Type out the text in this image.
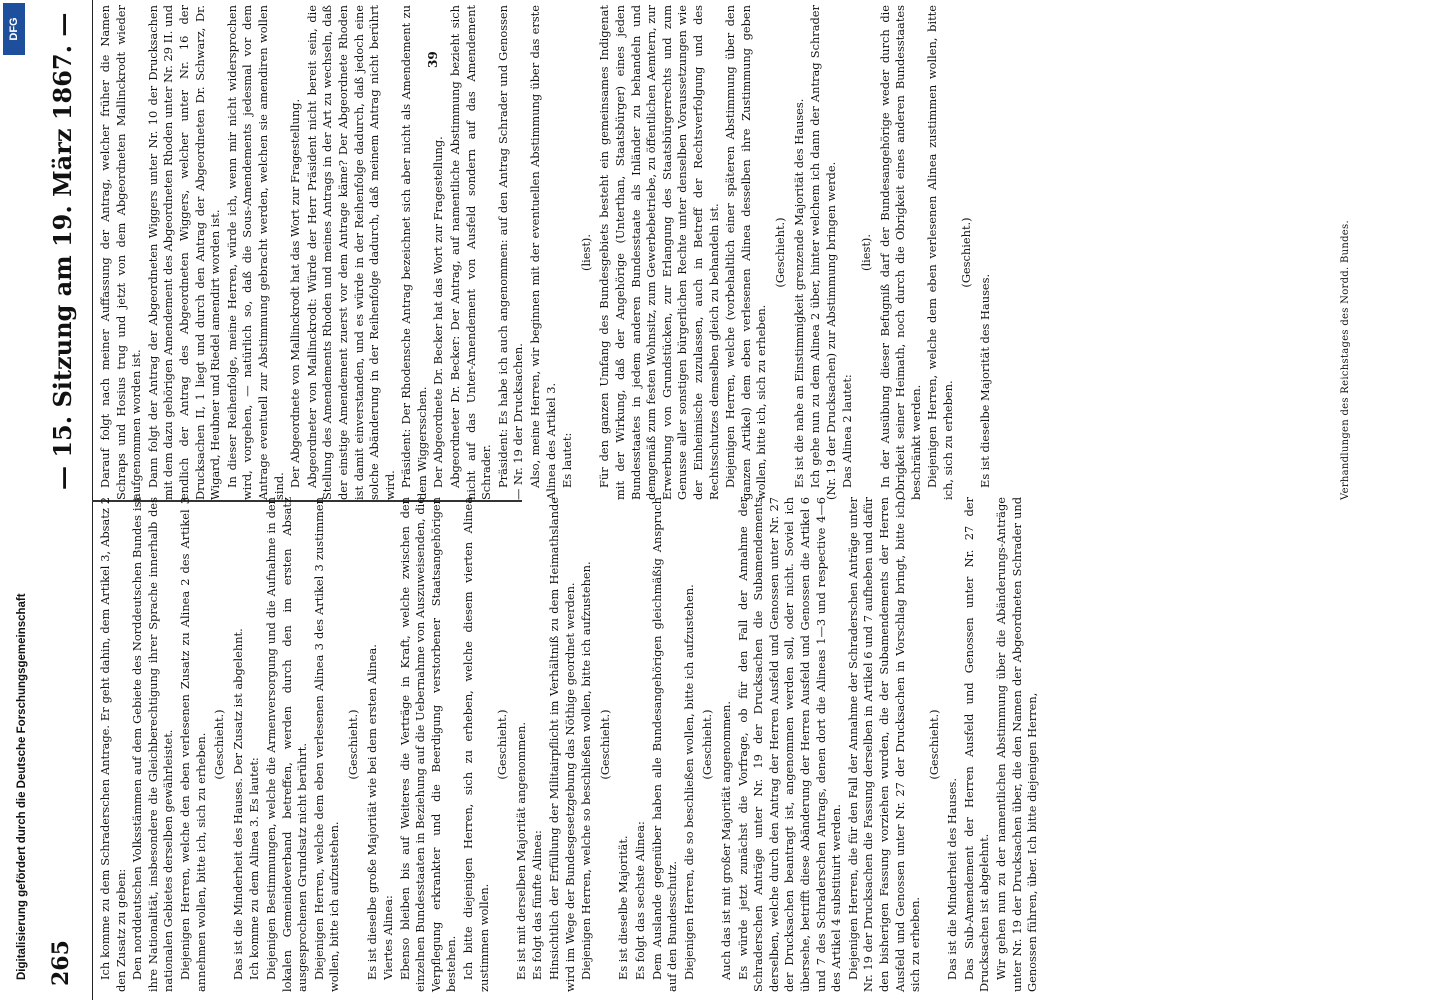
Digitalisierung gefördert durch die Deutsche Forschungsgemeinschaft
DFG
265
— 15. Sitzung am 19. März 1867. —

Ich komme zu dem Schraderschen Antrage. Er geht dahin, dem Artikel 3, Absatz 2 den Zusatz zu geben: Den norddeutschen Volksstämmen auf dem Gebiete des Norddeutschen Bundes ist ihre Nationalität, insbesondere die Gleichberechtigung ihrer Sprache innerhalb des nationalen Gebietes derselben gewährleistet. Diejenigen Herren, welche den eben verlesenen Zusatz zu Alinea 2 des Artikel 3 annehmen wollen, bitte ich, sich zu erheben. (Geschieht.) Das ist die Minderheit des Hauses. Der Zusatz ist abgelehnt. Ich komme zu dem Alinea 3. Es lautet: Diejenigen Bestimmungen, welche die Armenversorgung und die Aufnahme in den lokalen Gemeindeverband betreffen, werden durch den im ersten Absatz ausgesprochenen Grundsatz nicht berührt. Diejenigen Herren, welche dem eben verlesenen Alinea 3 des Artikel 3 zustimmen wollen, bitte ich aufzustehen.

(Geschieht.) Es ist dieselbe große Majorität wie bei dem ersten Alinea. Viertes Alinea: Ebenso bleiben bis auf Weiteres die Verträge in Kraft, welche zwischen den einzelnen Bundesstaaten in Beziehung auf die Uebernahme von Auszuweisenden, die Verpflegung erkrankter und die Beerdigung verstorbener Staatsangehörigen bestehen. Ich bitte diejenigen Herren, sich zu erheben, welche diesem vierten Alinea zustimmen wollen.

(Geschieht.) Es ist mit derselben Majorität angenommen. Es folgt das fünfte Alinea: Hinsichtlich der Erfüllung der Militairpflicht im Verhältniß zu dem Heimathslande wird im Wege der Bundesgesetzgebung das Nöthige geordnet werden. Diejenigen Herren, welche so beschließen wollen, bitte ich aufzustehen. (Geschieht.)

Es ist dieselbe Majorität. Es folgt das sechste Alinea: Dem Auslande gegenüber haben alle Bundesangehörigen gleichmäßig Anspruch auf den Bundesschutz. Diejenigen Herren, die so beschließen wollen, bitte ich aufzustehen. (Geschieht.) Auch das ist mit großer Majorität angenommen. Es würde jetzt zunächst die Vorfrage, ob für den Fall der Annahme der Schraderschen Anträge unter Nr. 19 der Drucksachen die Subamendements derselben, welche durch den Antrag der Herren Ausfeld und Genossen unter Nr. 27 der Drucksachen beantragt ist, angenommen werden soll, oder nicht. Soviel ich übersehe, betrifft diese Abänderung der Herren Ausfeld und Genossen die Artikel 6 und 7 des Schraderschen Antrags, denen dort die Alineas 1—3 und respective 4—6 des Artikel 4 substituirt werden. Diejenigen Herren, die für den Fall der Annahme der Schraderschen Anträge unter Nr. 19 der Drucksachen die Fassung derselben in Artikel 6 und 7 aufheben und dafür den bisherigen Fassung vorziehen wurden, die der Subamendements der Herren Ausfeld und Genossen unter Nr. 27 der Drucksachen in Vorschlag bringt, bitte ich, sich zu erheben.

(Geschieht.)

Das ist die Minderheit des Hauses. Das Sub-Amendement der Herren Ausfeld und Genossen unter Nr. 27 der Drucksachen ist abgelehnt. Wir gehen nun zu der namentlichen Abstimmung über die Abänderungs-Anträge unter Nr. 19 der Drucksachen über, die den Namen der Abgeordneten Schrader und Genossen führen, über. Ich bitte diejenigen Herren,

Darauf folgt nach meiner Auffassung der Antrag, welcher früher die Namen Schraps und Hosius trug und jetzt von dem Abgeordneten Mallinckrodt wieder aufgenommen worden ist. Dann folgt der Antrag der Abgeordneten Wiggers unter Nr. 10 der Drucksachen mit dem dazu gehörigen Amendement des Abgeordneten Rhoden unter Nr. 29 II. und endlich der Antrag des Abgeordneten Wiggers, welcher unter Nr. 16 der Drucksachen II, 1 liegt und durch den Antrag der Abgeordneten Dr. Schwarz, Dr. Wigard, Heubner und Riedel amendirt worden ist. In dieser Reihenfolge, meine Herren, würde ich, wenn mir nicht widersprochen wird, vorgehen, — natürlich so, daß die Sous-Amendements jedesmal vor dem Antrage eventuell zur Abstimmung gebracht werden, welchen sie amendiren wollen sind. Der Abgeordnete von Mallinckrodt hat das Wort zur Fragestellung. Abgeordneter von Mallinckrodt: Würde der Herr Präsident nicht bereit sein, die Stellung des Amendements Rhoden und meines Antrags in der Art zu wechseln, daß der einstige Amendement zuerst vor dem Antrage käme? Der Abgeordnete Rhoden ist damit einverstanden, und es würde in der Reihenfolge dadurch, daß jedoch eine solche Abänderung in der Reihenfolge dadurch, daß meinem Antrag nicht berührt wird. Präsident: Der Rhodensche Antrag bezeichnet sich aber nicht als Amendement zu dem Wiggersschen. Der Abgeordnete Dr. Becker hat das Wort zur Fragestellung. Abgeordneter Dr. Becker: Der Antrag, auf namentliche Abstimmung bezieht sich nicht auf das Unter-Amendement von Ausfeld sondern auf das Amendement Schrader. Präsident: Es habe ich auch angenommen: auf den Antrag Schrader und Genossen — Nr. 19 der Drucksachen. Also, meine Herren, wir beginnen mit der eventuellen Abstimmung über das erste Alinea des Artikel 3. Es lautet:

(liest). Für den ganzen Umfang des Bundesgebiets besteht ein gemeinsames Indigenat mit der Wirkung, daß der Angehörige (Unterthan, Staatsbürger) eines jeden Bundesstaates in jedem anderen Bundesstaate als Inländer zu behandeln und demgemäß zum festen Wohnsitz, zum Gewerbebetriebe, zu öffentlichen Aemtern, zur Erwerbung von Grundstücken, zur Erlangung des Staatsbürgerrechts und zum Genusse aller sonstigen bürgerlichen Rechte unter denselben Voraussetzungen wie der Einheimische zuzulassen, auch in Betreff der Rechtsverfolgung und des Rechtsschutzes demselben gleich zu behandeln ist. Diejenigen Herren, welche (vorbehaltlich einer späteren Abstimmung über den ganzen Artikel) dem eben verlesenen Alinea desselben ihre Zustimmung geben wollen, bitte ich, sich zu erheben.

(Geschieht.) Es ist die nahe an Einstimmigkeit grenzende Majorität des Hauses. Ich gehe nun zu dem Alinea 2 über, hinter welchem ich dann der Antrag Schrader (Nr. 19 der Drucksachen) zur Abstimmung bringen werde. Das Alinea 2 lautet:

(liest). In der Ausübung dieser Befugniß darf der Bundesangehörige weder durch die Obrigkeit seiner Heimath, noch durch die Obrigkeit eines anderen Bundesstaates beschränkt werden. Diejenigen Herren, welche dem eben verlesenen Alinea zustimmen wollen, bitte ich, sich zu erheben.

(Geschieht.)

Es ist dieselbe Majorität des Hauses.	Verhandlungen des Reichstages des Nordd. Bundes.
39
